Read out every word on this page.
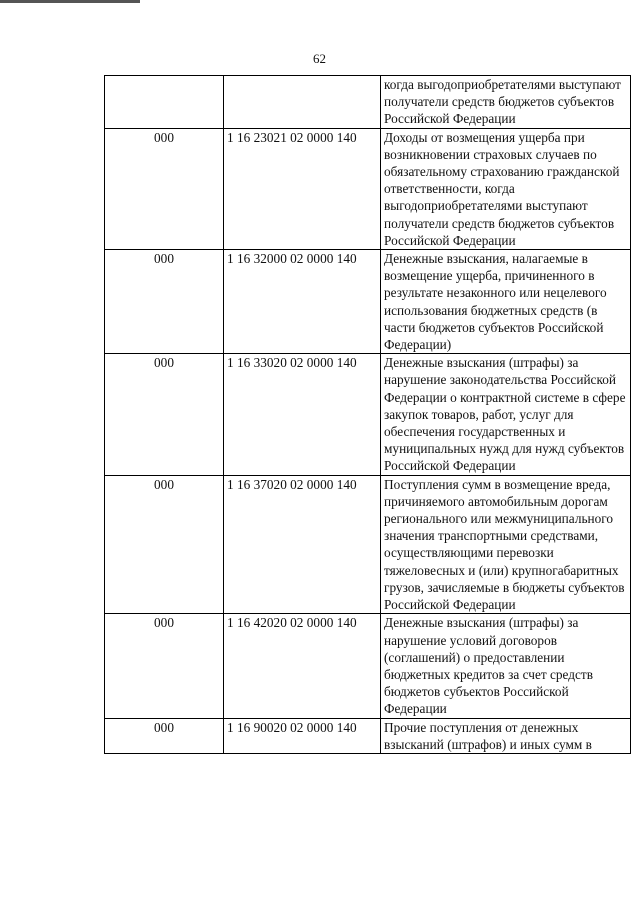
62
		когда выгодоприобретателями выступают получатели средств бюджетов субъектов Российской Федерации
000	1 16 23021 02 0000 140	Доходы от возмещения ущерба при возникновении страховых случаев по обязательному страхованию гражданской ответственности, когда выгодоприобретателями выступают получатели средств бюджетов субъектов Российской Федерации
000	1 16 32000 02 0000 140	Денежные взыскания, налагаемые в возмещение ущерба, причиненного в результате незаконного или нецелевого использования бюджетных средств (в части бюджетов субъектов Российской Федерации)
000	1 16 33020 02 0000 140	Денежные взыскания (штрафы) за нарушение законодательства Российской Федерации о контрактной системе в сфере закупок товаров, работ, услуг для обеспечения государственных и муниципальных нужд для нужд субъектов Российской Федерации
000	1 16 37020 02 0000 140	Поступления сумм в возмещение вреда, причиняемого автомобильным дорогам регионального или межмуниципального значения транспортными средствами, осуществляющими перевозки тяжеловесных и (или) крупногабаритных грузов, зачисляемые в бюджеты субъектов Российской Федерации
000	1 16 42020 02 0000 140	Денежные взыскания (штрафы) за нарушение условий договоров (соглашений) о предоставлении бюджетных кредитов за счет средств бюджетов субъектов Российской Федерации
000	1 16 90020 02 0000 140	Прочие поступления от денежных взысканий (штрафов) и иных сумм в
